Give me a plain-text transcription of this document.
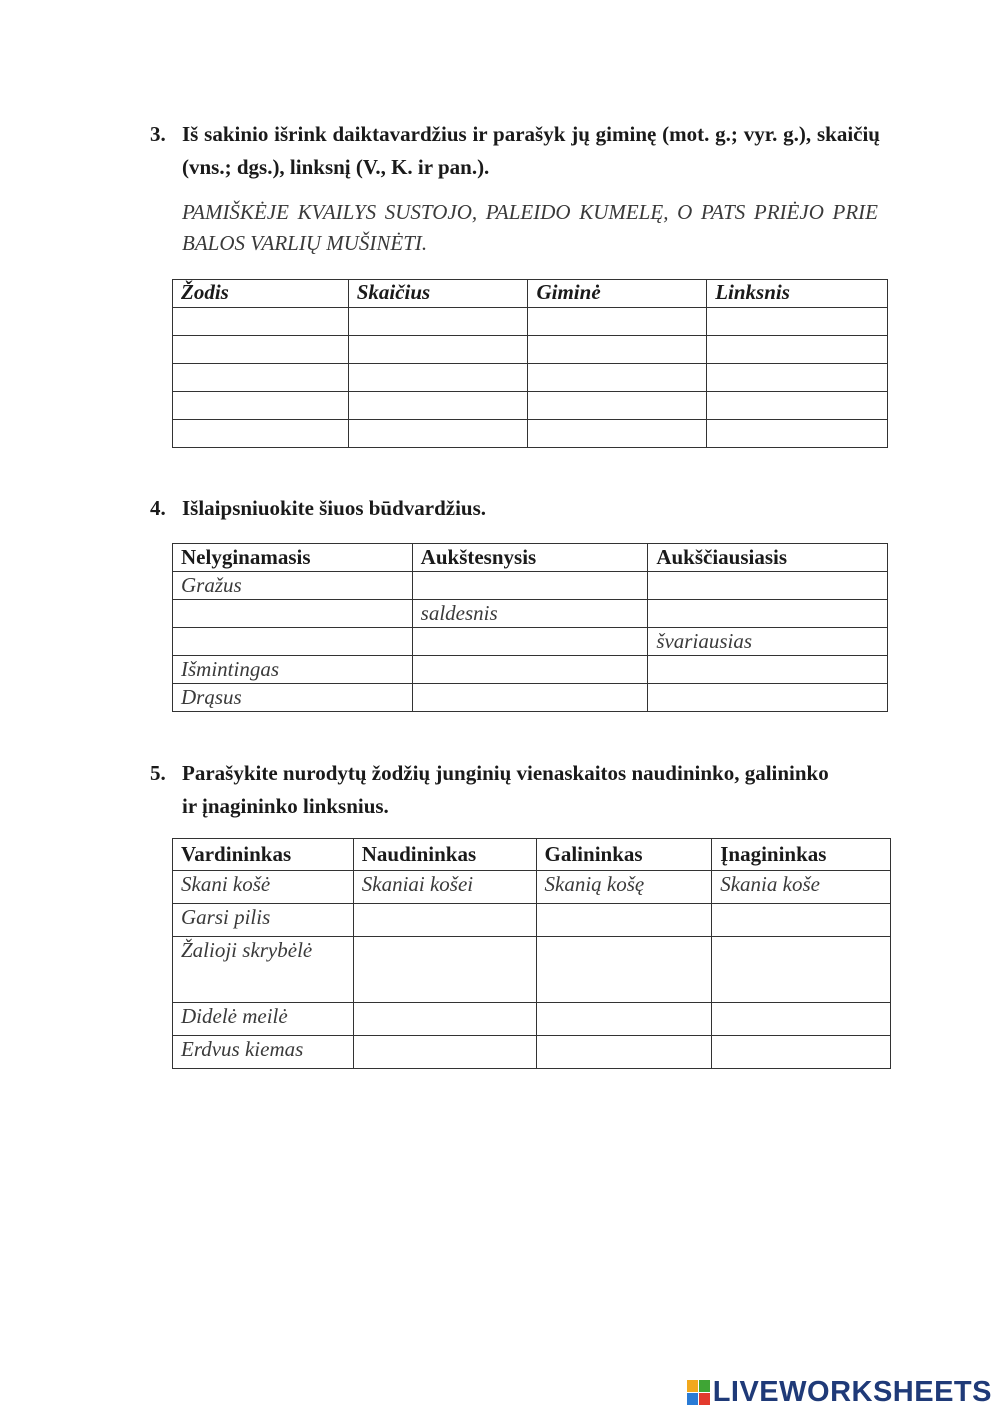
3. Iš sakinio išrink daiktavardžius ir parašyk jų giminę (mot. g.; vyr. g.), skaičių (vns.; dgs.), linksnį (V., K. ir pan.).
PAMIŠKĖJE KVAILYS SUSTOJO, PALEIDO KUMELĘ, O PATS PRIĖJO PRIE BALOS VARLIŲ MUŠINĖTI.
Žodis	Skaičius	Giminė	Linksnis

4. Išlaipsniuokite šiuos būdvardžius.
Nelyginamasis	Aukštesnysis	Aukščiausiasis
Gražus		
	saldesnis	
		švariausias
Išmintingas		
Drąsus		
5. Parašykite nurodytų žodžių junginių vienaskaitos naudininko, galininko ir įnagininko linksnius.
Vardininkas	Naudininkas	Galininkas	Įnagininkas
Skani košė	Skaniai košei	Skanią košę	Skania koše
Garsi pilis			
Žalioji skrybėlė			
Didelė meilė			
Erdvus kiemas			
LIVEWORKSHEETS
